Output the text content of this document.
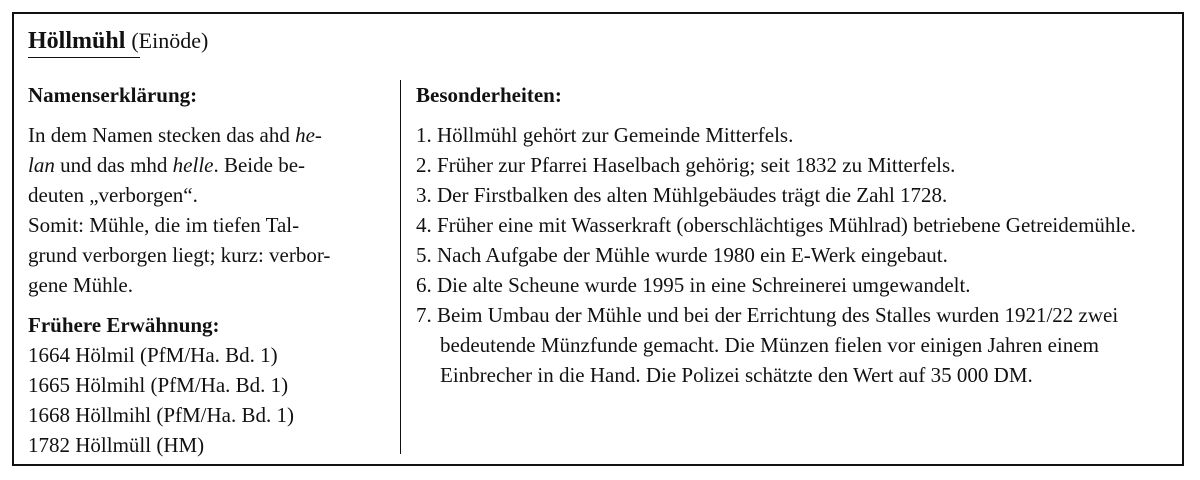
Höllmühl (Einöde)

Namenserklärung:

In dem Namen stecken das ahd he-
lan und das mhd helle. Beide be-
deuten „verborgen“.

Somit: Mühle, die im tiefen Tal-
grund verborgen liegt; kurz: verbor-
gene Mühle.

Frühere Erwähnung:

1664 Hölmil (PfM/Ha. Bd. 1)

1665 Hölmihl (PfM/Ha. Bd. 1)

1668 Höllmihl (PfM/Ha. Bd. 1)

1782 Höllmüll (HM)

Besonderheiten:

1. Höllmühl gehört zur Gemeinde Mitterfels.
2. Früher zur Pfarrei Haselbach gehörig; seit 1832 zu Mitterfels.
3. Der Firstbalken des alten Mühlgebäudes trägt die Zahl 1728.
4. Früher eine mit Wasserkraft (oberschlächtiges Mühlrad) betriebene Getreidemühle.
5. Nach Aufgabe der Mühle wurde 1980 ein E-Werk eingebaut.
6. Die alte Scheune wurde 1995 in eine Schreinerei umgewandelt.
7. Beim Umbau der Mühle und bei der Errichtung des Stalles wurden 1921/22 zwei bedeutende Münzfunde gemacht. Die Münzen fielen vor einigen Jahren einem Einbrecher in die Hand. Die Polizei schätzte den Wert auf 35 000 DM.
